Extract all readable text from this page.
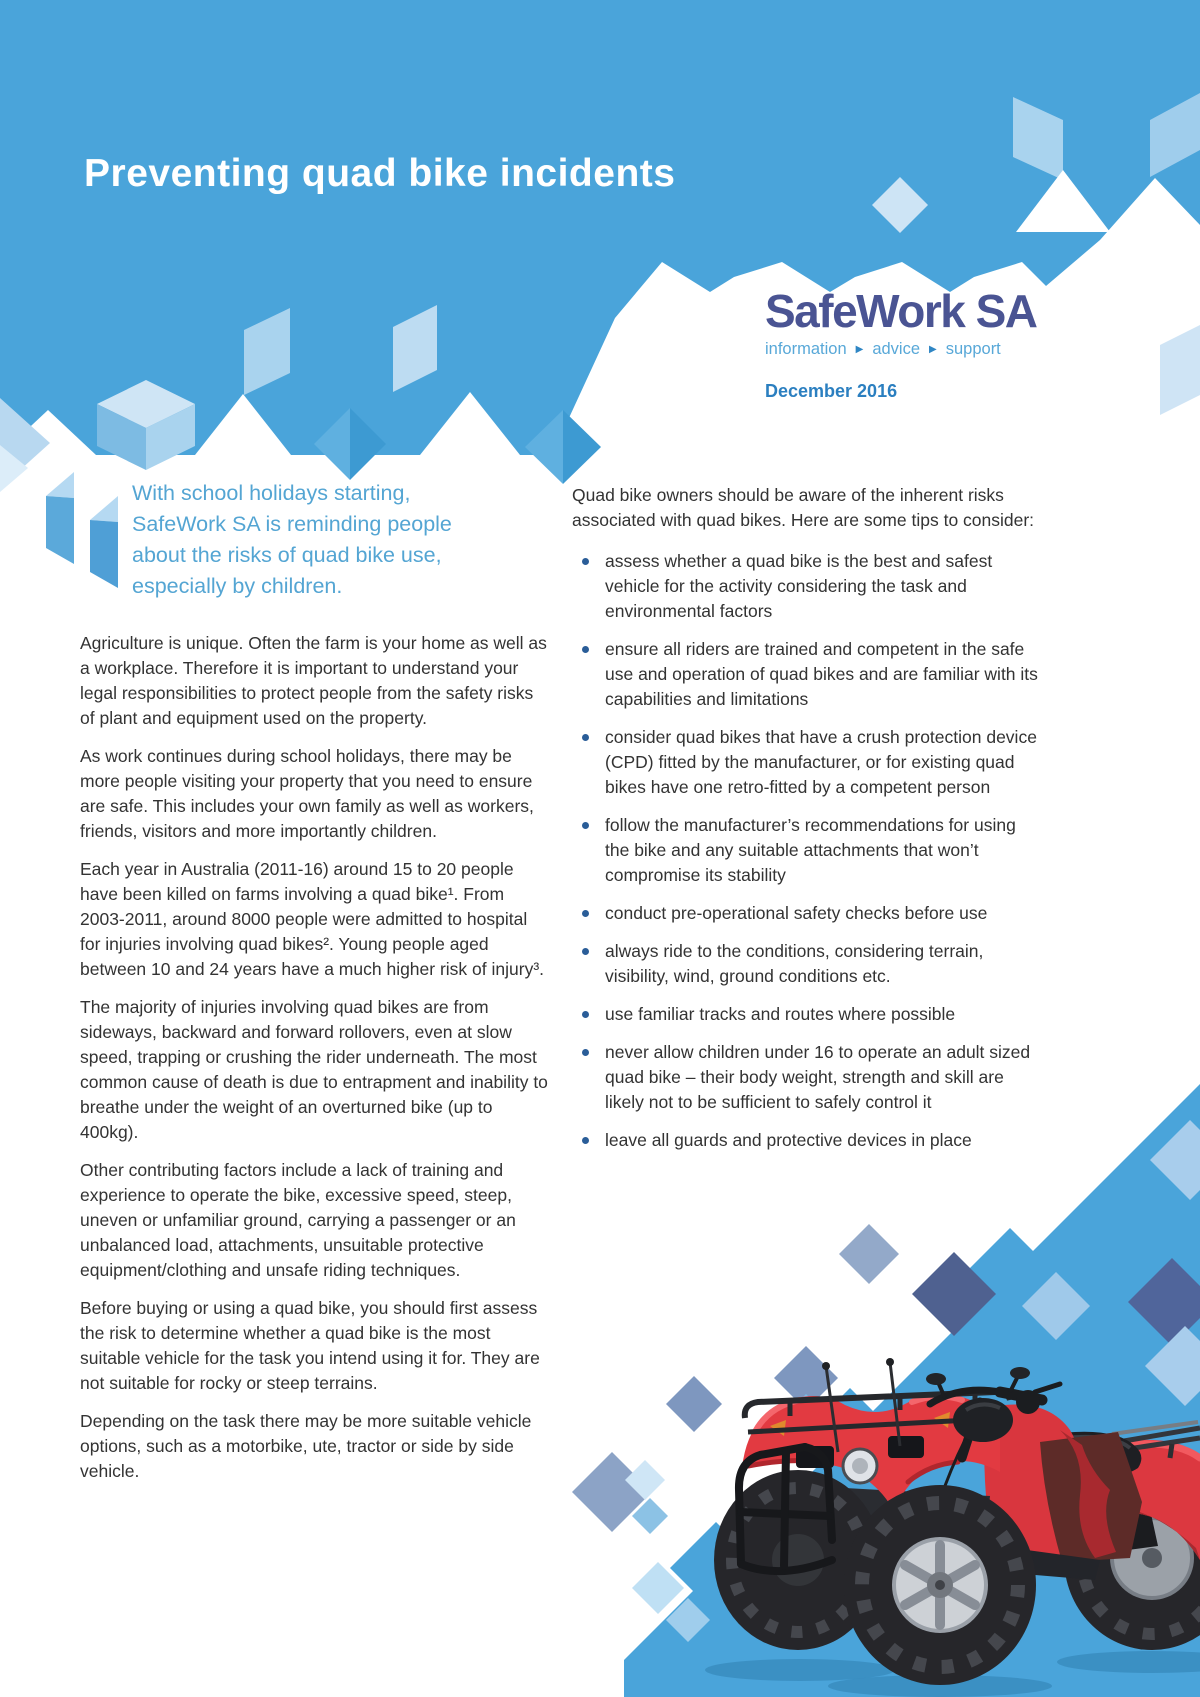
Preventing quad bike incidents
SafeWork SA
information ▶ advice ▶ support
December 2016

With school holidays starting, SafeWork SA is reminding people about the risks of quad bike use, especially by children.

Agriculture is unique. Often the farm is your home as well as a workplace. Therefore it is important to understand your legal responsibilities to protect people from the safety risks of plant and equipment used on the property.

As work continues during school holidays, there may be more people visiting your property that you need to ensure are safe. This includes your own family as well as workers, friends, visitors and more importantly children.

Each year in Australia (2011-16) around 15 to 20 people have been killed on farms involving a quad bike¹. From 2003-2011, around 8000 people were admitted to hospital for injuries involving quad bikes². Young people aged between 10 and 24 years have a much higher risk of injury³.

The majority of injuries involving quad bikes are from sideways, backward and forward rollovers, even at slow speed, trapping or crushing the rider underneath. The most common cause of death is due to entrapment and inability to breathe under the weight of an overturned bike (up to 400kg).

Other contributing factors include a lack of training and experience to operate the bike, excessive speed, steep, uneven or unfamiliar ground, carrying a passenger or an unbalanced load, attachments, unsuitable protective equipment/clothing and unsafe riding techniques.

Before buying or using a quad bike, you should first assess the risk to determine whether a quad bike is the most suitable vehicle for the task you intend using it for. They are not suitable for rocky or steep terrains.

Depending on the task there may be more suitable vehicle options, such as a motorbike, ute, tractor or side by side vehicle.

Quad bike owners should be aware of the inherent risks associated with quad bikes. Here are some tips to consider:

assess whether a quad bike is the best and safest vehicle for the activity considering the task and environmental factors
ensure all riders are trained and competent in the safe use and operation of quad bikes and are familiar with its capabilities and limitations
consider quad bikes that have a crush protection device (CPD) fitted by the manufacturer, or for existing quad bikes have one retro-fitted by a competent person
follow the manufacturer’s recommendations for using the bike and any suitable attachments that won’t compromise its stability
conduct pre-operational safety checks before use
always ride to the conditions, considering terrain, visibility, wind, ground conditions etc.
use familiar tracks and routes where possible
never allow children under 16 to operate an adult sized quad bike – their body weight, strength and skill are likely not to be sufficient to safely control it
leave all guards and protective devices in place
